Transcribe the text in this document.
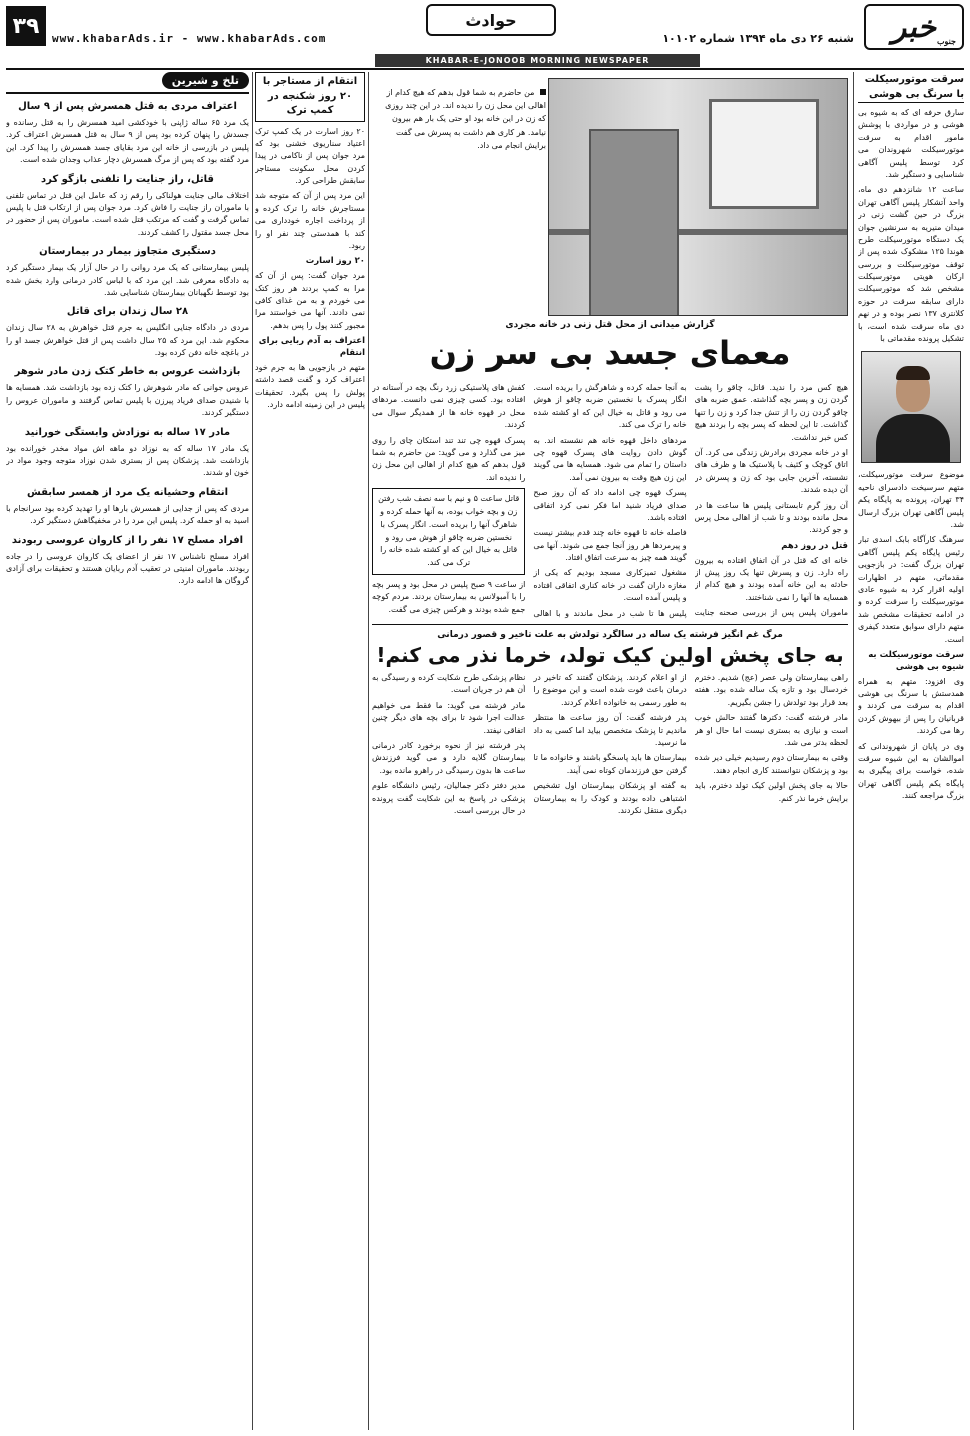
۳۹	www.khabarAds.ir - www.khabarAds.com
حوادث
شنبه ۲۶ دی ماه ۱۳۹۴ شماره ۱۰۱۰۲ خبر جنوب
KHABAR-E-JONOOB MORNING NEWSPAPER
سرقت موتورسیکلت با سرنگ بی هوشی

سارق حرفه ای که به شیوه بی هوشی و در مواردی با پوشش مامور اقدام به سرقت موتورسیکلت شهروندان می کرد توسط پلیس آگاهی شناسایی و دستگیر شد.

ساعت ۱۲ شانزدهم دی ماه، واحد آتشکار پلیس آگاهی تهران بزرگ در حین گشت زنی در میدان منیریه به سرنشین جوان یک دستگاه موتورسیکلت طرح هوندا ۱۲۵ مشکوک شده پس از توقف موتورسیکلت و بررسی ارکان هویتی موتورسیکلت مشخص شد که موتورسیکلت دارای سابقه سرقت در حوزه کلانتری ۱۳۷ نصر بوده و در نهم دی ماه سرقت شده است، با تشکیل پرونده مقدماتی با

موضوع سرقت موتورسیکلت، متهم سرسیخت دادسرای ناحیه ۳۴ تهران، پرونده به پایگاه یکم پلیس آگاهی تهران بزرگ ارسال شد.

سرهنگ کارآگاه بابک اسدی تبار رئیس پایگاه یکم پلیس آگاهی تهران بزرگ گفت: در بازجویی مقدماتی، متهم در اظهارات اولیه اقرار کرد به شیوه عادی موتورسیکلت را سرقت کرده و در ادامه تحقیقات مشخص شد متهم دارای سوابق متعدد کیفری است.

سرقت موتورسیکلت به شیوه بی هوشی

وی افزود: متهم به همراه همدستش با سرنگ بی هوشی اقدام به سرقت می کردند و قربانیان را پس از بیهوش کردن رها می کردند.

وی در پایان از شهروندانی که اموالشان به این شیوه سرقت شده، خواست برای پیگیری به پایگاه یکم پلیس آگاهی تهران بزرگ مراجعه کنند.

من حاضرم به شما قول بدهم که هیچ کدام از اهالی این محل زن را ندیده اند. در این چند روزی که زن در این خانه بود او حتی یک بار هم بیرون نیامد. هر کاری هم داشت به پسرش می گفت برایش انجام می داد.
گزارش میدانی از محل قتل زنی در خانه مجردی
معمای جسد بی سر زن

هیچ کس مرد را ندید. قاتل، چاقو را پشت گردن زن و پسر بچه گذاشته. عمق ضربه های چاقو گردن زن را از تنش جدا کرد و زن را تنها گذاشت. تا این لحظه که پسر بچه را بردند هیچ کس خبر نداشت.

او در خانه مجردی برادرش زندگی می کرد. آن اتاق کوچک و کثیف با پلاستیک ها و ظرف های نشسته، آخرین جایی بود که زن و پسرش در آن دیده شدند.

آن روز گرم تابستانی پلیس ها ساعت ها در محل مانده بودند و تا شب از اهالی محل پرس و جو کردند.

قتل در روز دهم

خانه ای که قتل در آن اتفاق افتاده به بیرون راه دارد. زن و پسرش تنها یک روز پیش از حادثه به این خانه آمده بودند و هیچ کدام از همسایه ها آنها را نمی شناختند.

ماموران پلیس پس از بررسی صحنه جنایت

به آنجا حمله کرده و شاهرگش را بریده است. انگار پسرک با نخستین ضربه چاقو از هوش می رود و قاتل به خیال این که او کشته شده خانه را ترک می کند.

مردهای داخل قهوه خانه هم نشسته اند. به گوش دادن روایت های پسرک قهوه چی داستان را تمام می شود. همسایه ها می گویند این زن هیچ وقت به بیرون نمی آمد.

پسرک قهوه چی ادامه داد که آن روز صبح صدای فریاد شنید اما فکر نمی کرد اتفاقی افتاده باشد.

فاصله خانه تا قهوه خانه چند قدم بیشتر نیست و پیرمردها هر روز آنجا جمع می شوند. آنها می گویند همه چیز به سرعت اتفاق افتاد.

مشغول تمیزکاری مسجد بودیم که یکی از مغازه داران گفت در خانه کناری اتفاقی افتاده و پلیس آمده است.

پلیس ها تا شب در محل ماندند و با اهالی

کفش های پلاستیکی زرد رنگ بچه در آستانه در افتاده بود. کسی چیزی نمی دانست. مردهای محل در قهوه خانه ها از همدیگر سوال می کردند.

پسرک قهوه چی تند تند استکان چای را روی میز می گذارد و می گوید: من حاضرم به شما قول بدهم که هیچ کدام از اهالی این محل زن را ندیده اند.

قاتل ساعت ۵ و نیم با سه نصف شب رفتن زن و بچه خواب بوده، به آنها حمله کرده و شاهرگ آنها را بریده است. انگار پسرک با نخستین ضربه چاقو از هوش می رود و قاتل به خیال این که او کشته شده خانه را ترک می کند.

از ساعت ۹ صبح پلیس در محل بود و پسر بچه را با آمبولانس به بیمارستان بردند. مردم کوچه جمع شده بودند و هرکس چیزی می گفت.

مرگ غم انگیز فرشته یک ساله در سالگرد تولدش به علت تاخیر و قصور درمانی
به جای پخش اولین کیک تولد، خرما نذر می کنم!

راهی بیمارستان ولی عصر (عج) شدیم. دخترم خردسال بود و تازه یک ساله شده بود. هفته بعد قرار بود تولدش را جشن بگیریم.

مادر فرشته گفت: دکترها گفتند حالش خوب است و نیازی به بستری نیست اما حال او هر لحظه بدتر می شد.

وقتی به بیمارستان دوم رسیدیم خیلی دیر شده بود و پزشکان نتوانستند کاری انجام دهند.

حالا به جای پخش اولین کیک تولد دخترم، باید برایش خرما نذر کنم.

از او اعلام کردند. پزشکان گفتند که تاخیر در درمان باعث فوت شده است و این موضوع را به طور رسمی به خانواده اعلام کردند.

پدر فرشته گفت: آن روز ساعت ها منتظر ماندیم تا پزشک متخصص بیاید اما کسی به داد ما نرسید.

بیمارستان ها باید پاسخگو باشند و خانواده ما تا گرفتن حق فرزندمان کوتاه نمی آیند.

به گفته او پزشکان بیمارستان اول تشخیص اشتباهی داده بودند و کودک را به بیمارستان دیگری منتقل نکردند.

نظام پزشکی طرح شکایت کرده و رسیدگی به آن هم در جریان است.

مادر فرشته می گوید: ما فقط می خواهیم عدالت اجرا شود تا برای بچه های دیگر چنین اتفاقی نیفتد.

پدر فرشته نیز از نحوه برخورد کادر درمانی بیمارستان گلایه دارد و می گوید فرزندش ساعت ها بدون رسیدگی در راهرو مانده بود.

مدیر دفتر دکتر جمالیان، رئیس دانشگاه علوم پزشکی در پاسخ به این شکایت گفت پرونده در حال بررسی است.

انتقام از مستاجر با ۲۰ روز شکنجه در کمپ ترک

۲۰ روز اسارت در یک کمپ ترک اعتیاد سناریوی خشنی بود که مرد جوان پس از ناکامی در پیدا کردن محل سکونت مستاجر سابقش طراحی کرد.

این مرد پس از آن که متوجه شد مستاجرش خانه را ترک کرده و از پرداخت اجاره خودداری می کند با همدستی چند نفر او را ربود.

۲۰ روز اسارت

مرد جوان گفت: پس از آن که مرا به کمپ بردند هر روز کتک می خوردم و به من غذای کافی نمی دادند. آنها می خواستند مرا مجبور کنند پول را پس بدهم.

اعتراف به آدم ربایی برای انتقام

متهم در بازجویی ها به جرم خود اعتراف کرد و گفت قصد داشته پولش را پس بگیرد. تحقیقات پلیس در این زمینه ادامه دارد.

تلخ و شیرین
اعتراف مردی به قتل همسرش پس از ۹ سال

یک مرد ۶۵ ساله ژاپنی با خودکشی امید همسرش را به قتل رسانده و جسدش را پنهان کرده بود پس از ۹ سال به قتل همسرش اعتراف کرد. پلیس در بازرسی از خانه این مرد بقایای جسد همسرش را پیدا کرد. این مرد گفته بود که پس از مرگ همسرش دچار عذاب وجدان شده است.

قاتل، راز جنایت را تلفنی بازگو کرد

اختلاف مالی جنایت هولناکی را رقم زد که عامل این قتل در تماس تلفنی با ماموران راز جنایت را فاش کرد. مرد جوان پس از ارتکاب قتل با پلیس تماس گرفت و گفت که مرتکب قتل شده است. ماموران پس از حضور در محل جسد مقتول را کشف کردند.

دستگیری متجاوز بیمار در بیمارستان

پلیس بیمارستانی که یک مرد روانی را در حال آزار یک بیمار دستگیر کرد به دادگاه معرفی شد. این مرد که با لباس کادر درمانی وارد بخش شده بود توسط نگهبانان بیمارستان شناسایی شد.

۲۸ سال زندان برای قاتل

مردی در دادگاه جنایی انگلیس به جرم قتل خواهرش به ۲۸ سال زندان محکوم شد. این مرد که ۲۵ سال داشت پس از قتل خواهرش جسد او را در باغچه خانه دفن کرده بود.

بازداشت عروس به خاطر کتک زدن مادر شوهر

عروس جوانی که مادر شوهرش را کتک زده بود بازداشت شد. همسایه ها با شنیدن صدای فریاد پیرزن با پلیس تماس گرفتند و ماموران عروس را دستگیر کردند.

مادر ۱۷ ساله به نوزادش وابستگی خورانید

یک مادر ۱۷ ساله که به نوزاد دو ماهه اش مواد مخدر خورانده بود بازداشت شد. پزشکان پس از بستری شدن نوزاد متوجه وجود مواد در خون او شدند.

انتقام وحشیانه یک مرد از همسر سابقش

مردی که پس از جدایی از همسرش بارها او را تهدید کرده بود سرانجام با اسید به او حمله کرد. پلیس این مرد را در مخفیگاهش دستگیر کرد.

افراد مسلح ۱۷ نفر را از کاروان عروسی ربودند

افراد مسلح ناشناس ۱۷ نفر از اعضای یک کاروان عروسی را در جاده ربودند. ماموران امنیتی در تعقیب آدم ربایان هستند و تحقیقات برای آزادی گروگان ها ادامه دارد.
